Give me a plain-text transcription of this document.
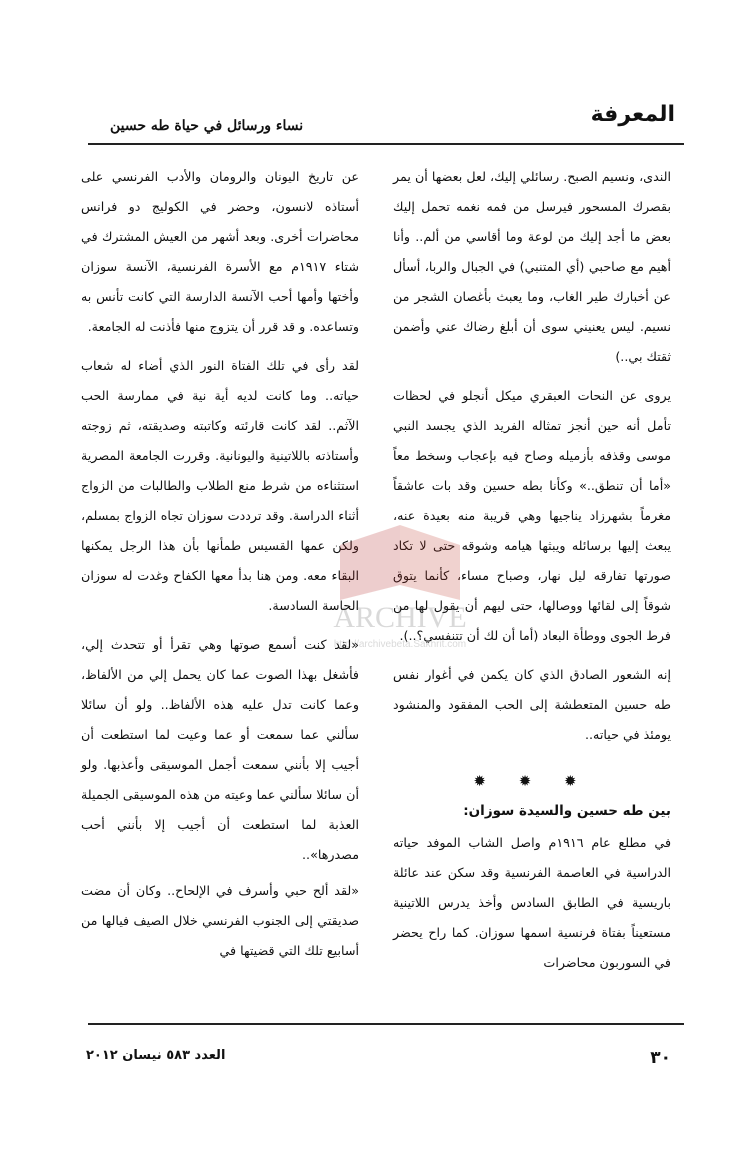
المعرفة
نساء ورسائل في حياة طه حسين

الندى، ونسيم الصبح. رسائلي إليك، لعل بعضها أن يمر بقصرك المسحور فيرسل من فمه نغمه تحمل إليك بعض ما أجد إليك من لوعة وما أقاسي من ألم.. وأنا أهيم مع صاحبي (أي المتنبي) في الجبال والربا، أسأل عن أخبارك طير الغاب، وما يعبث بأغصان الشجر من نسيم. ليس يعنيني سوى أن أبلغ رضاك عني وأضمن ثقتك بي..)

يروى عن النحات العبقري ميكل أنجلو في لحظات تأمل أنه حين أنجز تمثاله الفريد الذي يجسد النبي موسى وقذفه بأزميله وصاح فيه بإعجاب وسخط معاً «أما أن تنطق..» وكأنا بطه حسين وقد بات عاشقاً مغرماً بشهرزاد يناجيها وهي قريبة منه بعيدة عنه، يبعث إليها برسائله ويبثها هيامه وشوقه حتى لا تكاد صورتها تفارقه ليل نهار، وصباح مساء، كأنما يتوق شوقاً إلى لقائها ووصالها، حتى ليهم أن يقول لها من فرط الجوى ووطأة البعاد (أما أن لك أن تتنفسي؟..).

إنه الشعور الصادق الذي كان يكمن في أغوار نفس طه حسين المتعطشة إلى الحب المفقود والمنشود يومئذ في حياته..

✹ ✹ ✹
بين طه حسين والسيدة سوزان:

في مطلع عام ١٩١٦م واصل الشاب الموفد حياته الدراسية في العاصمة الفرنسية وقد سكن عند عائلة باريسية في الطابق السادس وأخذ يدرس اللاتينية مستعيناً بفتاة فرنسية اسمها سوزان. كما راح يحضر في السوربون محاضرات

عن تاريخ اليونان والرومان والأدب الفرنسي على أستاذه لانسون، وحضر في الكوليج دو فرانس محاضرات أخرى. وبعد أشهر من العيش المشترك في شتاء ١٩١٧م مع الأسرة الفرنسية، الآنسة سوزان وأختها وأمها أحب الآنسة الدارسة التي كانت تأنس به وتساعده. و قد قرر أن يتزوج منها فأذنت له الجامعة.

لقد رأى في تلك الفتاة النور الذي أضاء له شعاب حياته.. وما كانت لديه أية نية في ممارسة الحب الآثم.. لقد كانت قارئته وكاتبته وصديقته، ثم زوجته وأستاذته باللاتينية واليونانية. وقررت الجامعة المصرية استثناءه من شرط منع الطلاب والطالبات من الزواج أثناء الدراسة. وقد ترددت سوزان تجاه الزواج بمسلم، ولكن عمها القسيس طمأنها بأن هذا الرجل يمكنها البقاء معه. ومن هنا بدأ معها الكفاح وغدت له سوزان الحاسة السادسة.

«لقد كنت أسمع صوتها وهي تقرأ أو تتحدث إلي، فأشغل بهذا الصوت عما كان يحمل إلي من الألفاظ، وعما كانت تدل عليه هذه الألفاظ.. ولو أن سائلا سألني عما سمعت أو عما وعيت لما استطعت أن أجيب إلا بأنني سمعت أجمل الموسيقى وأعذبها. ولو أن سائلا سألني عما وعيته من هذه الموسيقى الجميلة العذبة لما استطعت أن أجيب إلا بأنني أحب مصدرها»..

«لقد ألح حبي وأسرف في الإلحاح.. وكان أن مضت صديقتي إلى الجنوب الفرنسي خلال الصيف فيالها من أسابيع تلك التي قضيتها في

ARCHIVE
http://archivebeta.Sakhrit.com
٣٠
العدد ٥٨٣ نيسان ٢٠١٢
